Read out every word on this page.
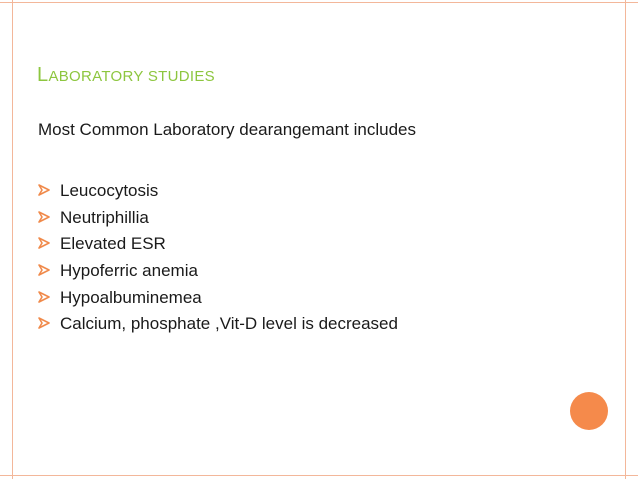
LABORATORY STUDIES
Most Common Laboratory dearangemant includes
Leucocytosis
Neutriphillia
Elevated ESR
Hypoferric anemia
Hypoalbuminemea
Calcium, phosphate ,Vit-D level is decreased
